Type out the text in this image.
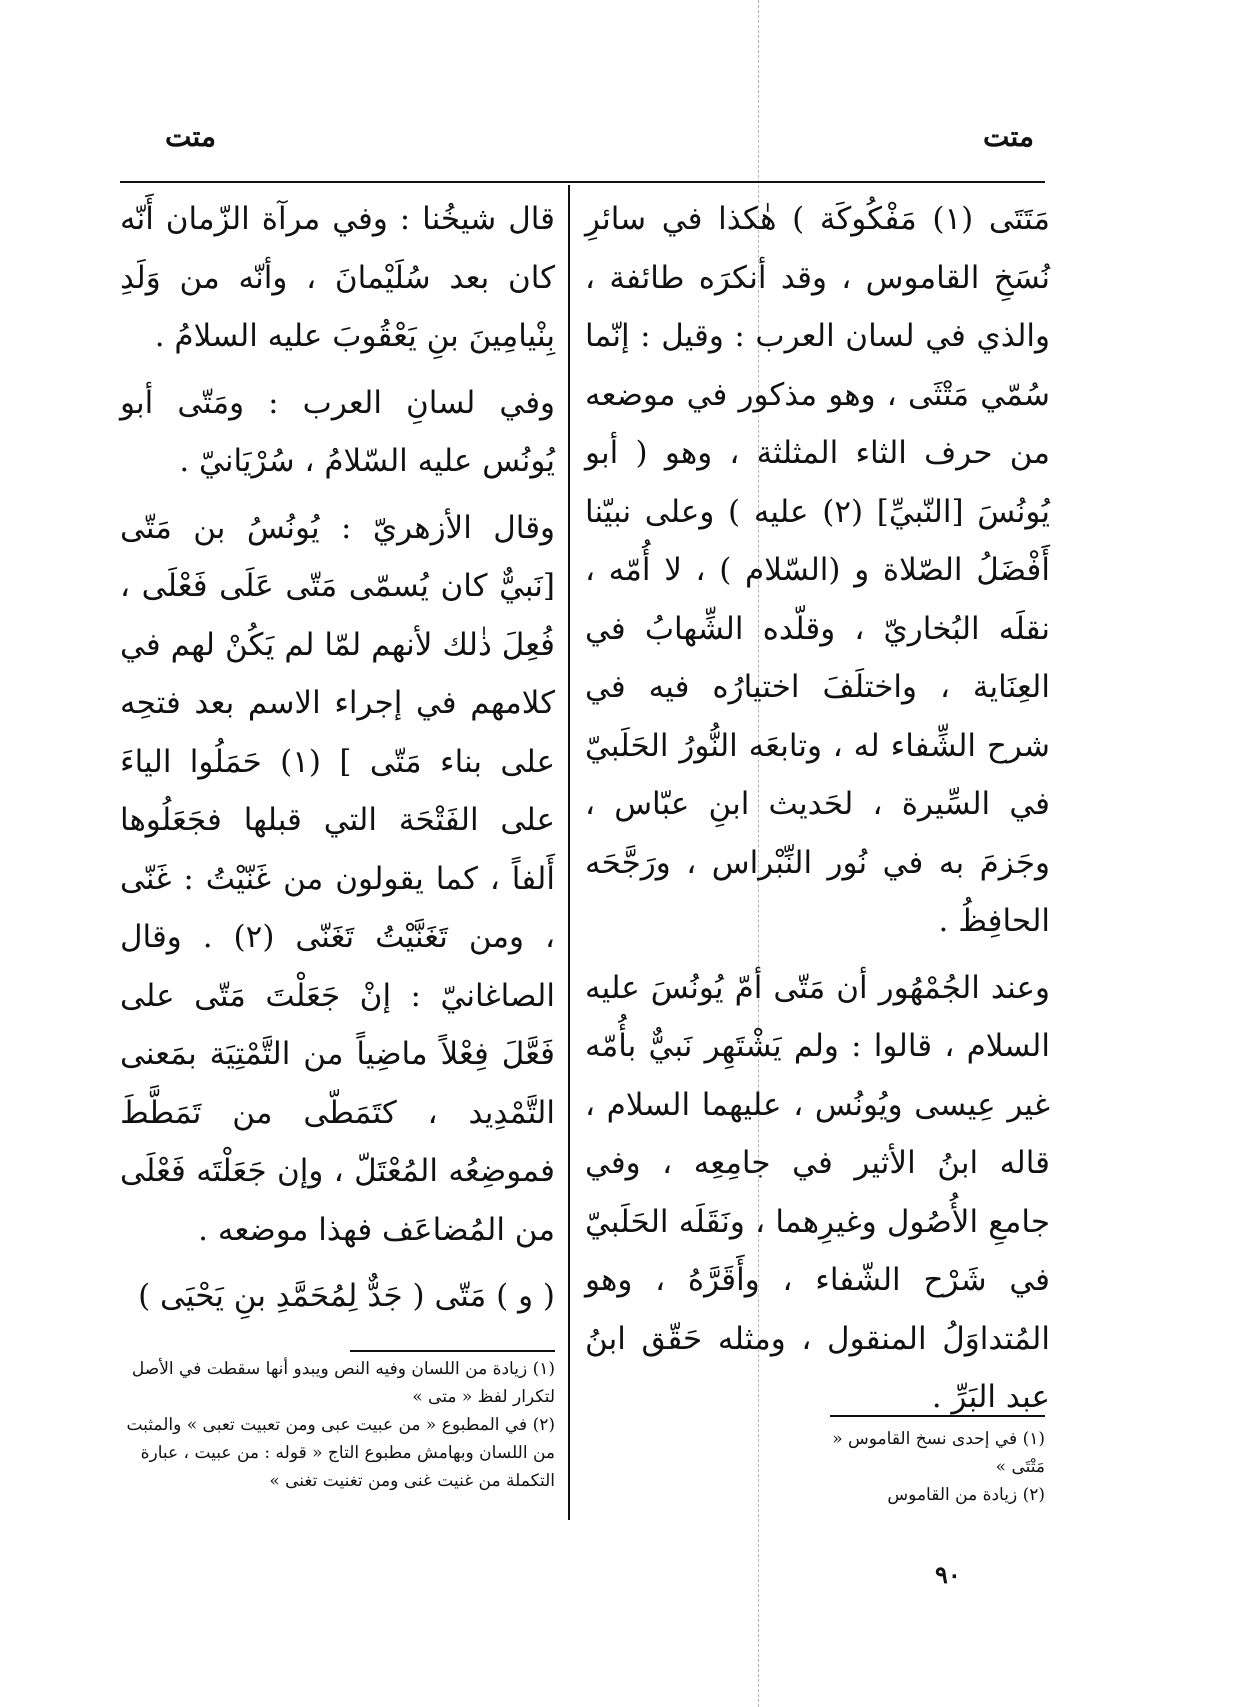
متت
متت

مَتَتَى (١) مَفْكُوكَة ) هٰكذا في سائرِ نُسَخِ القاموس ، وقد أنكرَه طائفة ، والذي في لسان العرب : وقيل : إنّما سُمّي مَتْثَى ، وهو مذكور في موضعه من حرف الثاء المثلثة ، وهو ( أبو يُونُسَ [النّبيِّ] (٢) عليه ) وعلى نبيّنا أَفْضَلُ الصّلاة و (السّلام ) ، لا أُمّه ، نقلَه البُخاريّ ، وقلّده الشِّهابُ في العِنَاية ، واختلَفَ اختيارُه فيه في شرح الشِّفاء له ، وتابعَه النُّورُ الحَلَبيّ في السِّيرة ، لحَديث ابنِ عبّاس ، وجَزمَ به في نُور النِّبْراس ، ورَجَّحَه الحافِظُ .

وعند الجُمْهُور أن مَتّى أمّ يُونُسَ عليه السلام ، قالوا : ولم يَشْتَهِر نَبيٌّ بأُمّه غير عِيسى ويُونُس ، عليهما السلام ، قاله ابنُ الأثير في جامِعِه ، وفي جامعِ الأُصُول وغيرِهما ، ونَقَلَه الحَلَبيّ في شَرْح الشّفاء ، وأَقَرَّهُ ، وهو المُتداوَلُ المنقول ، ومثله حَقّق ابنُ عبد البَرِّ .

قال شيخُنا : وفي مرآة الزّمان أَنّه كان بعد سُلَيْمانَ ، وأنّه من وَلَدِ بِنْيامِينَ بنِ يَعْقُوبَ عليه السلامُ .

وفي لسانِ العرب : ومَتّى أبو يُونُس عليه السّلامُ ، سُرْيَانيّ .

وقال الأزهريّ : يُونُسُ بن مَتّى [نَبيٌّ كان يُسمّى مَتّى عَلَى فَعْلَى ، فُعِلَ ذٰلك لأنهم لمّا لم يَكُنْ لهم في كلامهم في إجراء الاسم بعد فتحِه على بناء مَتّى ] (١) حَمَلُوا الياءَ على الفَتْحَة التي قبلها فجَعَلُوها أَلفاً ، كما يقولون من غَنّيْتُ : غَنّى ، ومن تَغَنَّيْتُ تَغَنّى (٢) . وقال الصاغانيّ : إنْ جَعَلْتَ مَتّى على فَعَّلَ فِعْلاً ماضِياً من التَّمْتِيَة بمَعنى التَّمْدِيد ، كتَمَطّى من تَمَطَّطَ فموضِعُه المُعْتَلّ ، وإن جَعَلْتَه فَعْلَى من المُضاعَف فهذا موضعه .

( و ) مَتّى ( جَدٌّ لِمُحَمَّدِ بنِ يَحْيَى )

(١) في إحدى نسخ القاموس « مَتْتَى »
(٢) زيادة من القاموس
(١) زيادة من اللسان وفيه النص ويبدو أنها سقطت في الأصل لتكرار لفظ « متى »
(٢) في المطبوع « من عبيت عبى ومن تعبيت تعبى » والمثبت من اللسان وبهامش مطبوع التاج « قوله : من عبيت ، عبارة التكملة من غنيت غنى ومن تغنيت تغنى »
٩٠
